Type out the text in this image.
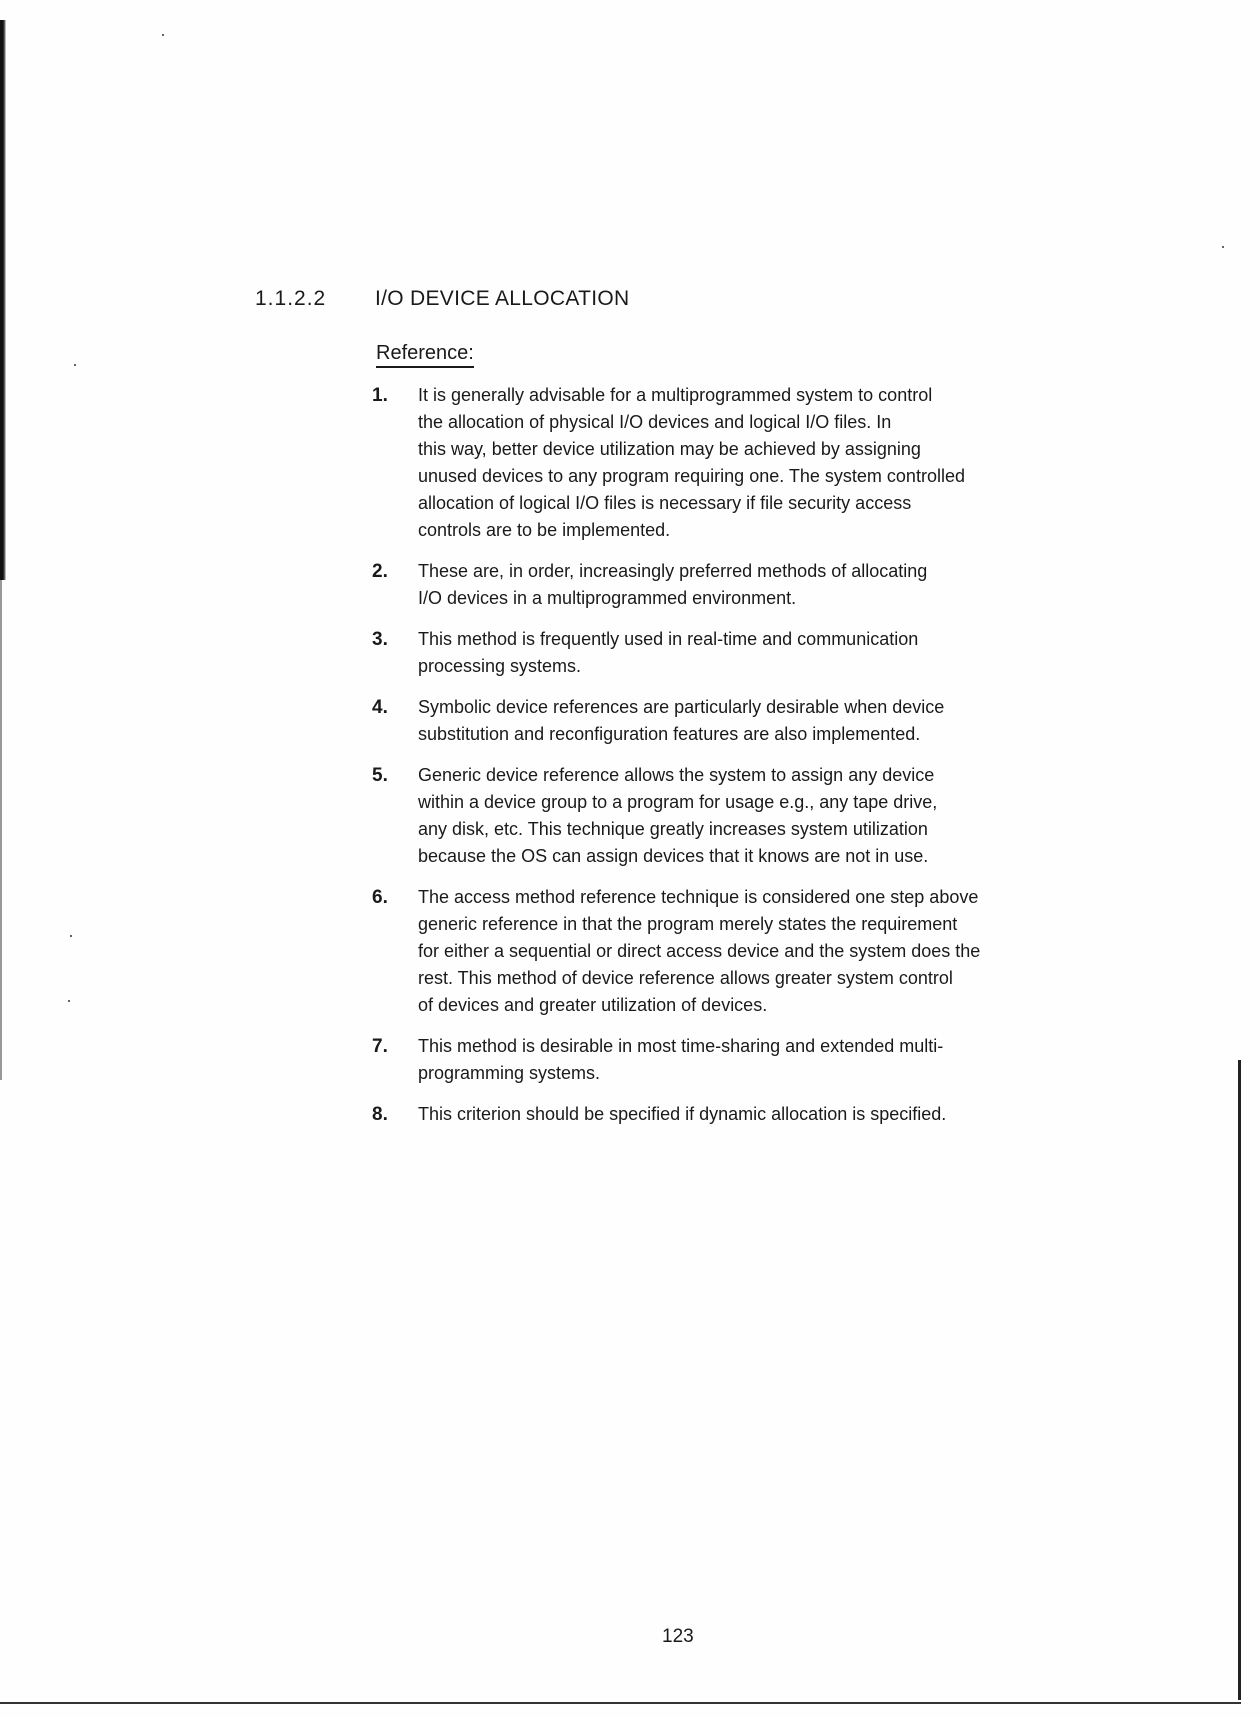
1.1.2.2 I/O DEVICE ALLOCATION
Reference:
1.	It is generally advisable for a multiprogrammed system to control
the allocation of physical I/O devices and logical I/O files. In
this way, better device utilization may be achieved by assigning
unused devices to any program requiring one. The system controlled
allocation of logical I/O files is necessary if file security access
controls are to be implemented.
2.	These are, in order, increasingly preferred methods of allocating
I/O devices in a multiprogrammed environment.
3.	This method is frequently used in real-time and communication
processing systems.
4.	Symbolic device references are particularly desirable when device
substitution and reconfiguration features are also implemented.
5.	Generic device reference allows the system to assign any device
within a device group to a program for usage e.g., any tape drive,
any disk, etc. This technique greatly increases system utilization
because the OS can assign devices that it knows are not in use.
6.	The access method reference technique is considered one step above
generic reference in that the program merely states the requirement
for either a sequential or direct access device and the system does the
rest. This method of device reference allows greater system control
of devices and greater utilization of devices.
7.	This method is desirable in most time-sharing and extended multi-
programming systems.
8.	This criterion should be specified if dynamic allocation is specified.
123
